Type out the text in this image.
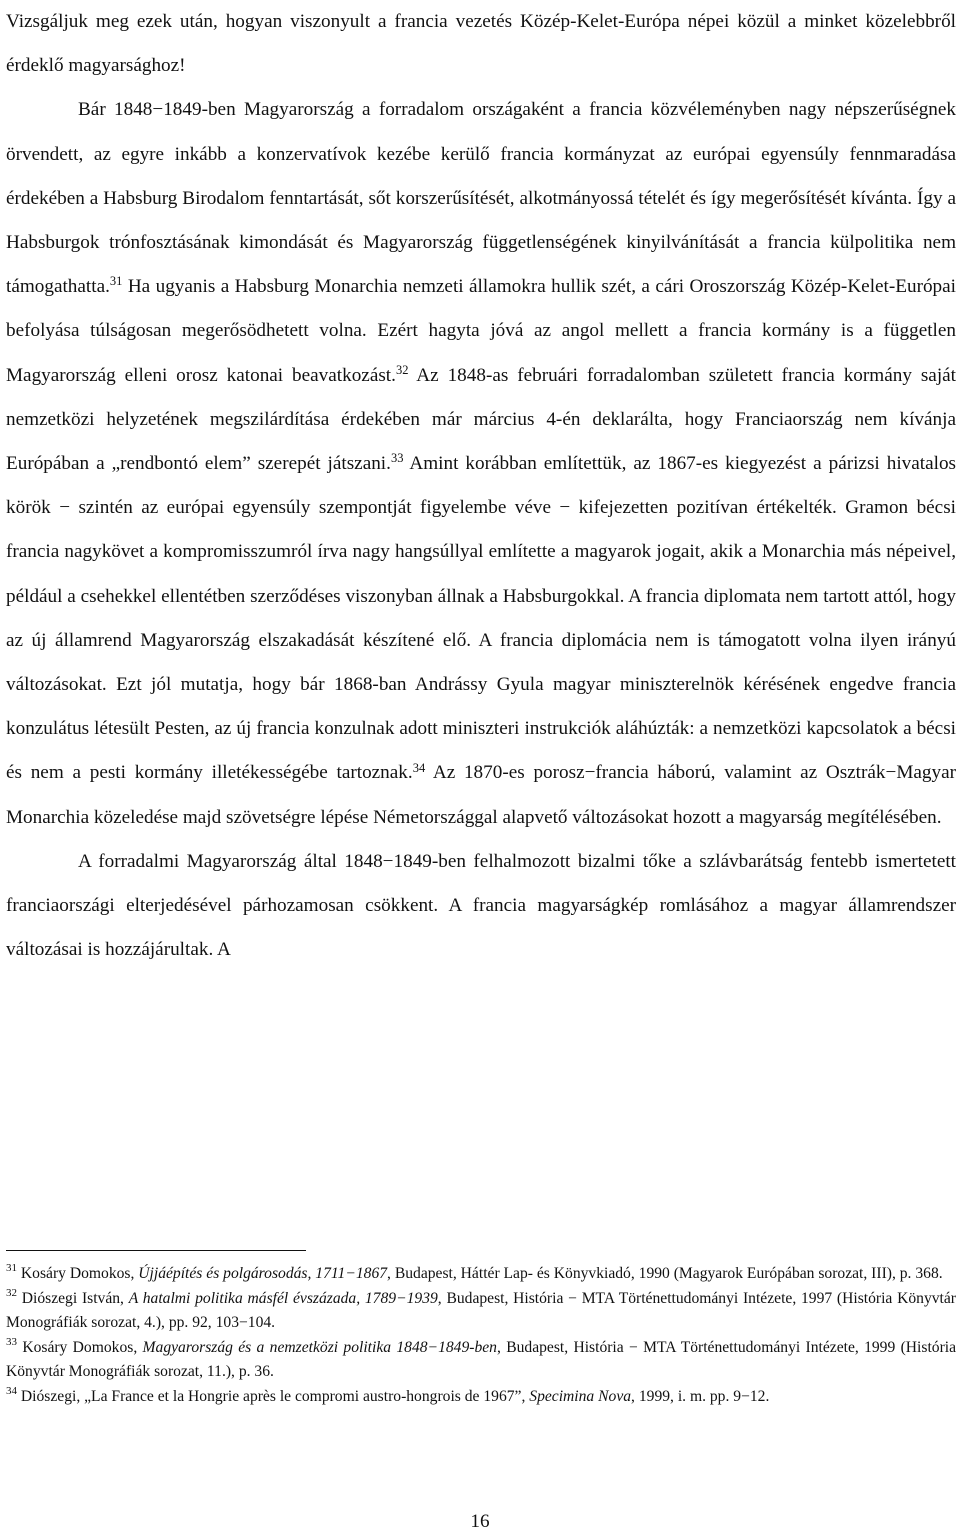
Vizsgáljuk meg ezek után, hogyan viszonyult a francia vezetés Közép-Kelet-Európa népei közül a minket közelebbről érdeklő magyarsághoz!

Bár 1848−1849-ben Magyarország a forradalom országaként a francia közvéleményben nagy népszerűségnek örvendett, az egyre inkább a konzervatívok kezébe kerülő francia kormányzat az európai egyensúly fennmaradása érdekében a Habsburg Birodalom fenntartását, sőt korszerűsítését, alkotmányossá tételét és így megerősítését kívánta. Így a Habsburgok trónfosztásának kimondását és Magyarország függetlenségének kinyilvánítását a francia külpolitika nem támogathatta.$^{31}$ Ha ugyanis a Habsburg Monarchia nemzeti államokra hullik szét, a cári Oroszország Közép-Kelet-Európai befolyása túlságosan megerősödhetett volna. Ezért hagyta jóvá az angol mellett a francia kormány is a független Magyarország elleni orosz katonai beavatkozást.$^{32}$ Az 1848-as februári forradalomban született francia kormány saját nemzetközi helyzetének megszilárdítása érdekében már március 4-én deklarálta, hogy Franciaország nem kívánja Európában a „rendbontó elem” szerepét játszani.$^{33}$ Amint korábban említettük, az 1867-es kiegyezést a párizsi hivatalos körök − szintén az európai egyensúly szempontját figyelembe véve − kifejezetten pozitívan értékelték. Gramon bécsi francia nagykövet a kompromisszumról írva nagy hangsúllyal említette a magyarok jogait, akik a Monarchia más népeivel, például a csehekkel ellentétben szerződéses viszonyban állnak a Habsburgokkal. A francia diplomata nem tartott attól, hogy az új államrend Magyarország elszakadását készítené elő. A francia diplomácia nem is támogatott volna ilyen irányú változásokat. Ezt jól mutatja, hogy bár 1868-ban Andrássy Gyula magyar miniszterelnök kérésének engedve francia konzulátus létesült Pesten, az új francia konzulnak adott miniszteri instrukciók aláhúzták: a nemzetközi kapcsolatok a bécsi és nem a pesti kormány illetékességébe tartoznak.$^{34}$ Az 1870-es porosz−francia háború, valamint az Osztrák−Magyar Monarchia közeledése majd szövetségre lépése Németországgal alapvető változásokat hozott a magyarság megítélésében.

A forradalmi Magyarország által 1848−1849-ben felhalmozott bizalmi tőke a szlávbarátság fentebb ismertetett franciaországi elterjedésével párhozamosan csökkent. A francia magyarságkép romlásához a magyar államrendszer változásai is hozzájárultak. A

$^{31}$ Kosáry Domokos, Újjáépítés és polgárosodás, 1711−1867, Budapest, Háttér Lap- és Könyvkiadó, 1990 (Magyarok Európában sorozat, III), p. 368.

$^{32}$ Diószegi István, A hatalmi politika másfél évszázada, 1789−1939, Budapest, História − MTA Történettudományi Intézete, 1997 (História Könyvtár Monográfiák sorozat, 4.), pp. 92, 103−104.

$^{33}$ Kosáry Domokos, Magyarország és a nemzetközi politika 1848−1849-ben, Budapest, História − MTA Történettudományi Intézete, 1999 (História Könyvtár Monográfiák sorozat, 11.), p. 36.

$^{34}$ Diószegi, „La France et la Hongrie après le compromi austro-hongrois de 1967”, Specimina Nova, 1999, i. m. pp. 9−12.

16
